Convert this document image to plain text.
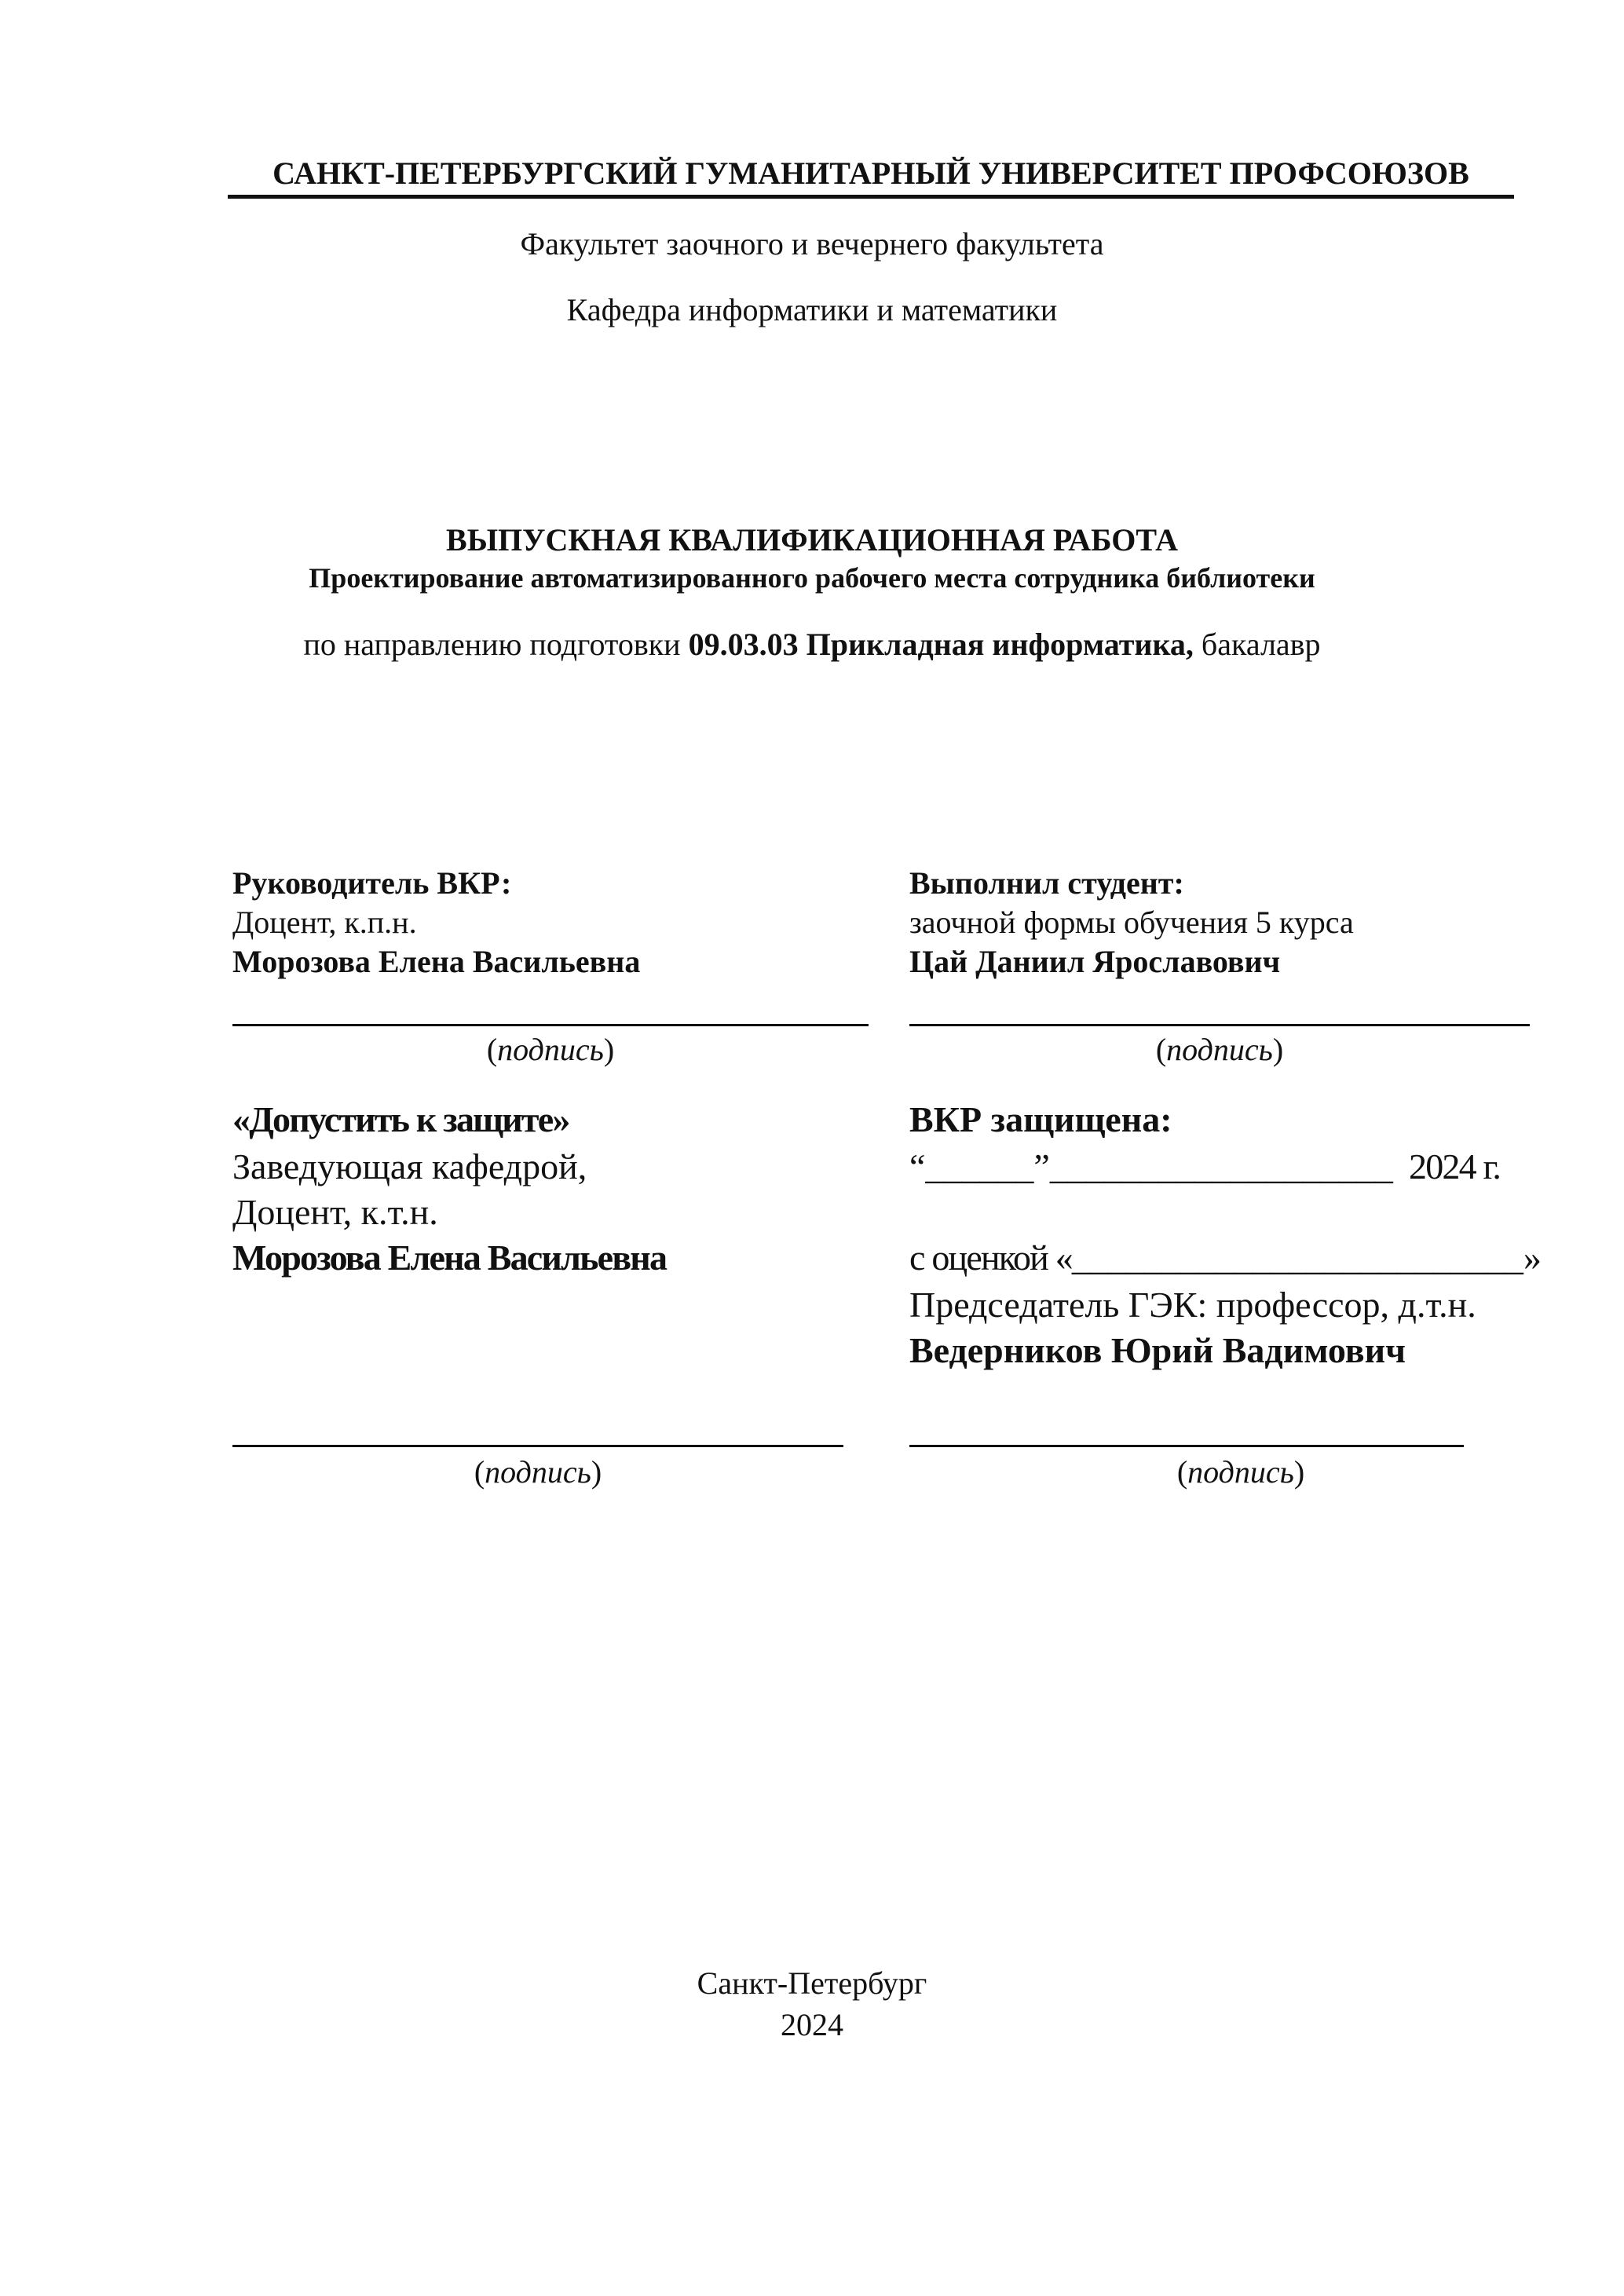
САНКТ-ПЕТЕРБУРГСКИЙ ГУМАНИТАРНЫЙ УНИВЕРСИТЕТ ПРОФСОЮЗОВ
Факультет заочного и вечернего факультета
Кафедра информатики и математики
ВЫПУСКНАЯ КВАЛИФИКАЦИОННАЯ РАБОТА
Проектирование автоматизированного рабочего места сотрудника библиотеки
по направлению подготовки 09.03.03 Прикладная информатика, бакалавр
Руководитель ВКР:
Доцент, к.п.н.
Морозова Елена Васильевна
(подпись)
Выполнил студент:
заочной формы обучения 5 курса
Цай Даниил Ярославович
(подпись)
«Допустить к защите»
Заведующая кафедрой,
Доцент, к.т.н.
Морозова Елена Васильевна
(подпись)
ВКР защищена:
“______”___________________ 2024 г.
с оценкой «_________________________»
Председатель ГЭК: профессор, д.т.н.
Ведерников Юрий Вадимович
(подпись)
Санкт-Петербург
2024
